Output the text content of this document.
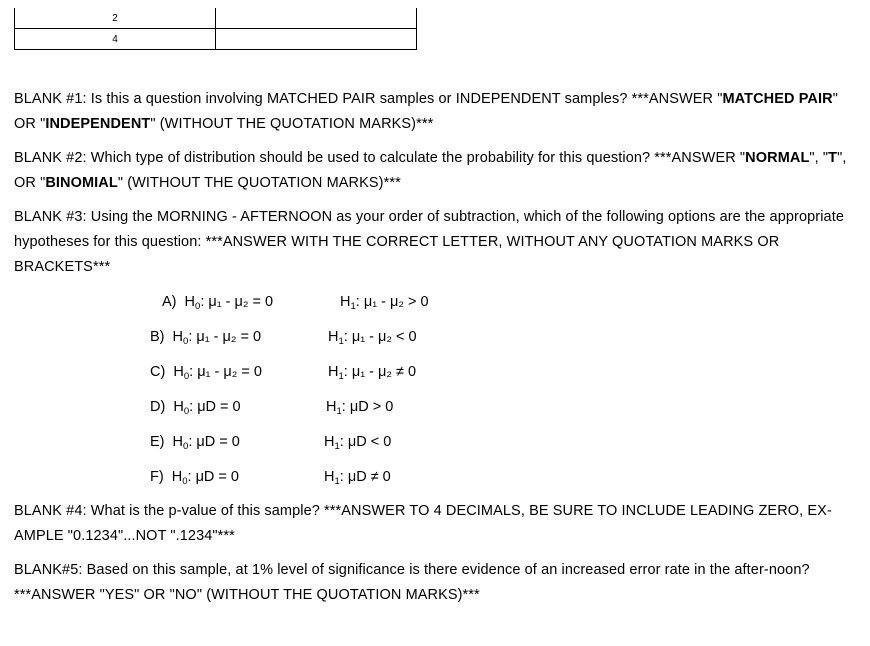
2	
4	
BLANK #1: Is this a question involving MATCHED PAIR samples or INDEPENDENT samples? ***ANSWER "MATCHED PAIR" OR "INDEPENDENT" (WITHOUT THE QUOTATION MARKS)***
BLANK #2: Which type of distribution should be used to calculate the probability for this question? ***ANSWER "NORMAL", "T", OR "BINOMIAL" (WITHOUT THE QUOTATION MARKS)***
BLANK #3: Using the MORNING - AFTERNOON as your order of subtraction, which of the following options are the appropriate hypotheses for this question: ***ANSWER WITH THE CORRECT LETTER, WITHOUT ANY QUOTATION MARKS OR BRACKETS***
A)  $H_0$: μ₁ - μ₂ = 0	$H_1$: μ₁ - μ₂ > 0
B)  $H_0$: μ₁ - μ₂ = 0	$H_1$: μ₁ - μ₂ < 0
C)  $H_0$: μ₁ - μ₂ = 0	$H_1$: μ₁ - μ₂ ≠ 0
D)  $H_0$: μD = 0	$H_1$: μD > 0
E)  $H_0$: μD = 0	$H_1$: μD < 0
F)  $H_0$: μD = 0	$H_1$: μD ≠ 0
BLANK #4: What is the p-value of this sample? ***ANSWER TO 4 DECIMALS, BE SURE TO INCLUDE LEADING ZERO, EX-AMPLE "0.1234"...NOT ".1234"***
BLANK#5: Based on this sample, at 1% level of significance is there evidence of an increased error rate in the after-noon? ***ANSWER "YES" OR "NO" (WITHOUT THE QUOTATION MARKS)***
